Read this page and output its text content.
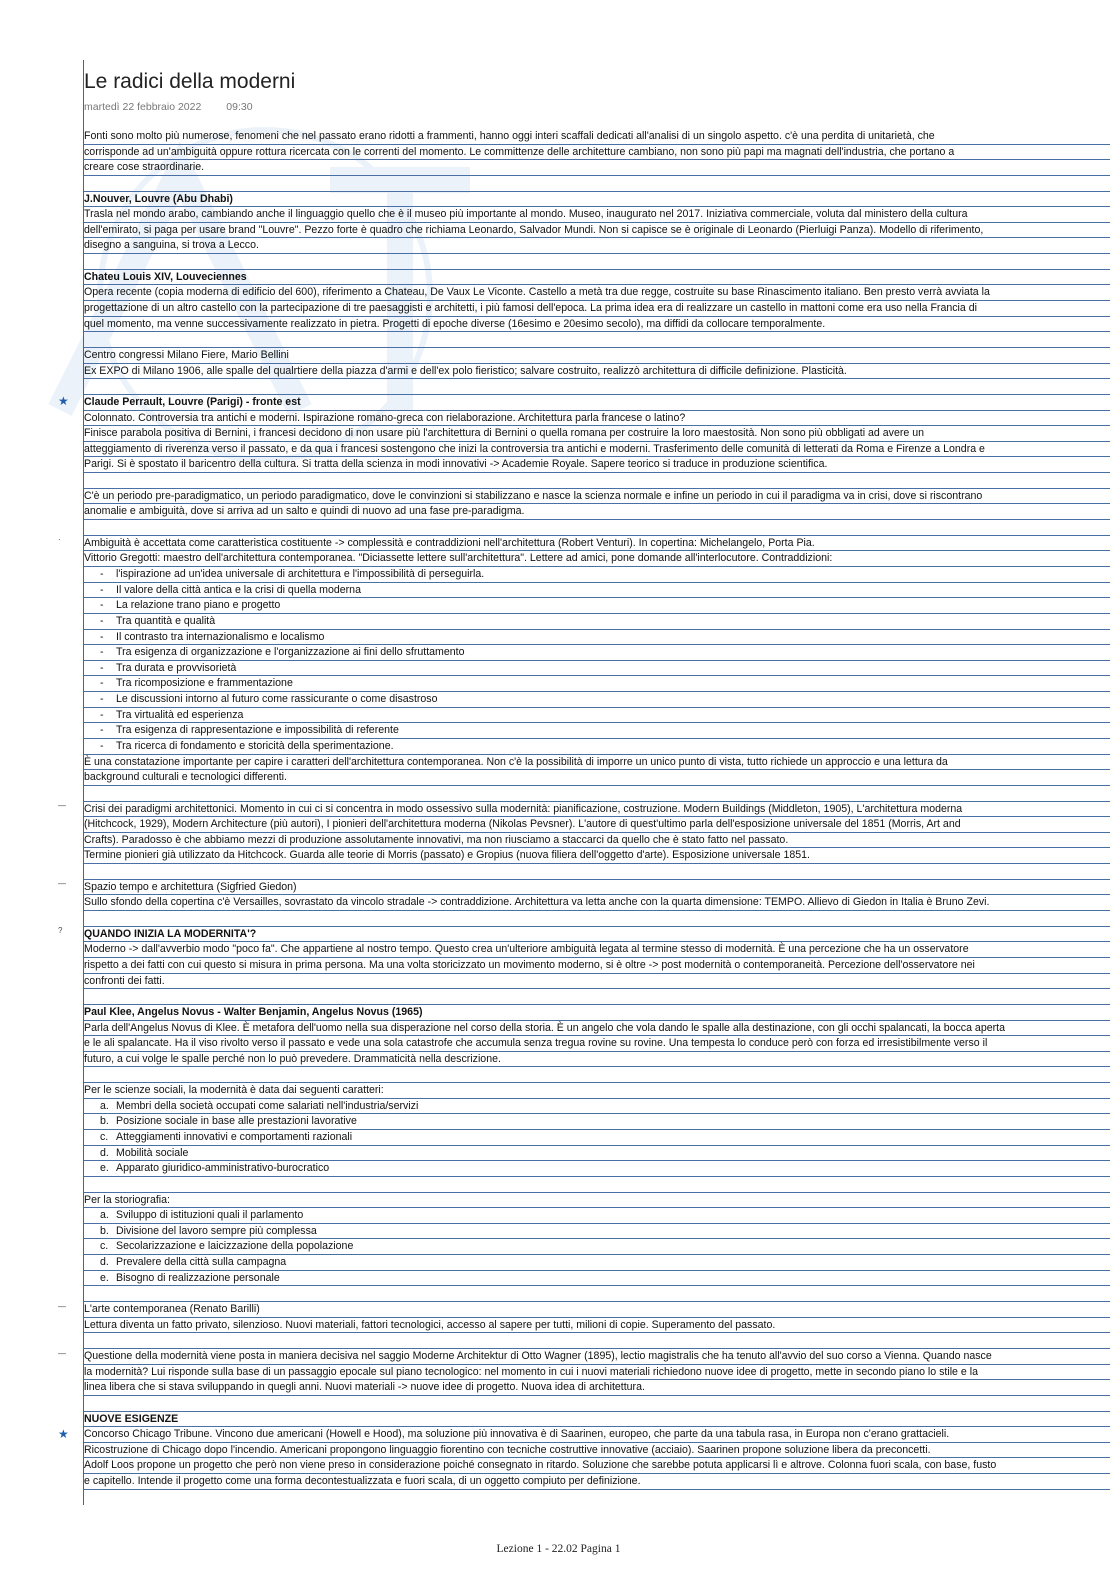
Le radici della moderni
martedì 22 febbraio 2022 09:30
Fonti sono molto più numerose, fenomeni che nel passato erano ridotti a frammenti, hanno oggi interi scaffali dedicati all'analisi di un singolo aspetto. c'è una perdita di unitarietà, che
corrisponde ad un'ambiguità oppure rottura ricercata con le correnti del momento. Le committenze delle architetture cambiano, non sono più papi ma magnati dell'industria, che portano a
creare cose straordinarie.
J.Nouver, Louvre (Abu Dhabi)
Trasla nel mondo arabo, cambiando anche il linguaggio quello che è il museo più importante al mondo. Museo, inaugurato nel 2017. Iniziativa commerciale, voluta dal ministero della cultura
dell'emirato, si paga per usare brand "Louvre". Pezzo forte è quadro che richiama Leonardo, Salvador Mundi. Non si capisce se è originale di Leonardo (Pierluigi Panza). Modello di riferimento,
disegno a sanguina, si trova a Lecco.
Chateu Louis XIV, Louveciennes
Opera recente (copia moderna di edificio del 600), riferimento a Chateau, De Vaux Le Viconte. Castello a metà tra due regge, costruite su base Rinascimento italiano. Ben presto verrà avviata la
progettazione di un altro castello con la partecipazione di tre paesaggisti e architetti, i più famosi dell'epoca. La prima idea era di realizzare un castello in mattoni come era uso nella Francia di
quel momento, ma venne successivamente realizzato in pietra. Progetti di epoche diverse (16esimo e 20esimo secolo), ma diffidi da collocare temporalmente.
Centro congressi Milano Fiere, Mario Bellini
Ex EXPO di Milano 1906, alle spalle del qualrtiere della piazza d'armi e dell'ex polo fieristico; salvare costruito, realizzò architettura di difficile definizione. Plasticità.
Claude Perrault, Louvre (Parigi) - fronte est
Colonnato. Controversia tra antichi e moderni. Ispirazione romano-greca con rielaborazione. Architettura parla francese o latino?
Finisce parabola positiva di Bernini, i francesi decidono di non usare più l'architettura di Bernini o quella romana per costruire la loro maestosità. Non sono più obbligati ad avere un
atteggiamento di riverenza verso il passato, e da qua i francesi sostengono che inizi la controversia tra antichi e moderni. Trasferimento delle comunità di letterati da Roma e Firenze a Londra e
Parigi. Si è spostato il baricentro della cultura. Si tratta della scienza in modi innovativi -> Academie Royale. Sapere teorico si traduce in produzione scientifica.
C'è un periodo pre-paradigmatico, un periodo paradigmatico, dove le convinzioni si stabilizzano e nasce la scienza normale e infine un periodo in cui il paradigma va in crisi, dove si riscontrano
anomalie e ambiguità, dove si arriva ad un salto e quindi di nuovo ad una fase pre-paradigma.
Ambiguità è accettata come caratteristica costituente -> complessità e contraddizioni nell'architettura (Robert Venturi). In copertina: Michelangelo, Porta Pia.
Vittorio Gregotti: maestro dell'architettura contemporanea. "Diciassette lettere sull'architettura". Lettere ad amici, pone domande all'interlocutore. Contraddizioni:
- l'ispirazione ad un'idea universale di architettura e l'impossibilità di perseguirla.
- Il valore della città antica e la crisi di quella moderna
- La relazione trano piano e progetto
- Tra quantità e qualità
- Il contrasto tra internazionalismo e localismo
- Tra esigenza di organizzazione e l'organizzazione ai fini dello sfruttamento
- Tra durata e provvisorietà
- Tra ricomposizione e frammentazione
- Le discussioni intorno al futuro come rassicurante o come disastroso
- Tra virtualità ed esperienza
- Tra esigenza di rappresentazione e impossibilità di referente
- Tra ricerca di fondamento e storicità della sperimentazione.
È una constatazione importante per capire i caratteri dell'architettura contemporanea. Non c'è la possibilità di imporre un unico punto di vista, tutto richiede un approccio e una lettura da
background culturali e tecnologici differenti.
Crisi dei paradigmi architettonici. Momento in cui ci si concentra in modo ossessivo sulla modernità: pianificazione, costruzione. Modern Buildings (Middleton, 1905), L'architettura moderna
(Hitchcock, 1929), Modern Architecture (più autori), I pionieri dell'architettura moderna (Nikolas Pevsner). L'autore di quest'ultimo parla dell'esposizione universale del 1851 (Morris, Art and
Crafts). Paradosso è che abbiamo mezzi di produzione assolutamente innovativi, ma non riusciamo a staccarci da quello che è stato fatto nel passato.
Termine pionieri già utilizzato da Hitchcock. Guarda alle teorie di Morris (passato) e Gropius (nuova filiera dell'oggetto d'arte). Esposizione universale 1851.
Spazio tempo e architettura (Sigfried Giedon)
Sullo sfondo della copertina c'è Versailles, sovrastato da vincolo stradale -> contraddizione. Architettura va letta anche con la quarta dimensione: TEMPO. Allievo di Giedon in Italia è Bruno Zevi.
QUANDO INIZIA LA MODERNITA'?
Moderno -> dall'avverbio modo "poco fa". Che appartiene al nostro tempo. Questo crea un'ulteriore ambiguità legata al termine stesso di modernità. È una percezione che ha un osservatore
rispetto a dei fatti con cui questo si misura in prima persona. Ma una volta storicizzato un movimento moderno, si è oltre -> post modernità o contemporaneità. Percezione dell'osservatore nei
confronti dei fatti.
Paul Klee, Angelus Novus - Walter Benjamin, Angelus Novus (1965)
Parla dell'Angelus Novus di Klee. È metafora dell'uomo nella sua disperazione nel corso della storia. È un angelo che vola dando le spalle alla destinazione, con gli occhi spalancati, la bocca aperta
e le ali spalancate. Ha il viso rivolto verso il passato e vede una sola catastrofe che accumula senza tregua rovine su rovine. Una tempesta lo conduce però con forza ed irresistibilmente verso il
futuro, a cui volge le spalle perché non lo può prevedere. Drammaticità nella descrizione.
Per le scienze sociali, la modernità è data dai seguenti caratteri:
a. Membri della società occupati come salariati nell'industria/servizi
b. Posizione sociale in base alle prestazioni lavorative
c. Atteggiamenti innovativi e comportamenti razionali
d. Mobilità sociale
e. Apparato giuridico-amministrativo-burocratico
Per la storiografia:
a. Sviluppo di istituzioni quali il parlamento
b. Divisione del lavoro sempre più complessa
c. Secolarizzazione e laicizzazione della popolazione
d. Prevalere della città sulla campagna
e. Bisogno di realizzazione personale
L'arte contemporanea (Renato Barilli)
Lettura diventa un fatto privato, silenzioso. Nuovi materiali, fattori tecnologici, accesso al sapere per tutti, milioni di copie. Superamento del passato.
Questione della modernità viene posta in maniera decisiva nel saggio Moderne Architektur di Otto Wagner (1895), lectio magistralis che ha tenuto all'avvio del suo corso a Vienna. Quando nasce
la modernità? Lui risponde sulla base di un passaggio epocale sul piano tecnologico: nel momento in cui i nuovi materiali richiedono nuove idee di progetto, mette in secondo piano lo stile e la
linea libera che si stava sviluppando in quegli anni. Nuovi materiali -> nuove idee di progetto. Nuova idea di architettura.
NUOVE ESIGENZE
Concorso Chicago Tribune. Vincono due americani (Howell e Hood), ma soluzione più innovativa è di Saarinen, europeo, che parte da una tabula rasa, in Europa non c'erano grattacieli.
Ricostruzione di Chicago dopo l'incendio. Americani propongono linguaggio fiorentino con tecniche costruttive innovative (acciaio). Saarinen propone soluzione libera da preconcetti.
Adolf Loos propone un progetto che però non viene preso in considerazione poiché consegnato in ritardo. Soluzione che sarebbe potuta applicarsi lì e altrove. Colonna fuori scala, con base, fusto
e capitello. Intende il progetto come una forma decontestualizzata e fuori scala, di un oggetto compiuto per definizione.
★
·
––
––
?
––
––
★
Lezione 1 - 22.02 Pagina 1
